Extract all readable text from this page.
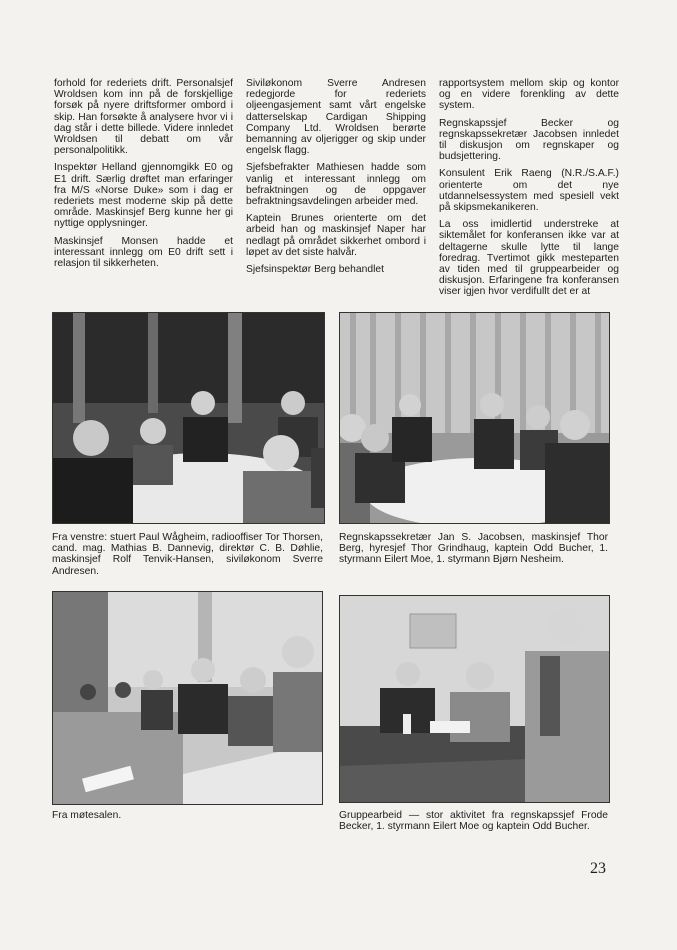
forhold for rederiets drift. Personalsjef Wroldsen kom inn på de forskjellige forsøk på nyere driftsformer ombord i skip. Han forsøkte å analysere hvor vi i dag står i dette billede. Videre innledet Wroldsen til debatt om vår personalpolitikk.

Inspektør Helland gjennomgikk E0 og E1 drift. Særlig drøftet man erfaringer fra M/S «Norse Duke» som i dag er rederiets mest moderne skip på dette område. Maskinsjef Berg kunne her gi nyttige opplysninger.

Maskinsjef Monsen hadde et interessant innlegg om E0 drift sett i relasjon til sikkerheten.

Siviløkonom Sverre Andresen redegjorde for rederiets oljeengasjement samt vårt engelske datterselskap Cardigan Shipping Company Ltd. Wroldsen berørte bemanning av oljerigger og skip under engelsk flagg.

Sjefsbefrakter Mathiesen hadde som vanlig et interessant innlegg om befraktningen og de oppgaver befraktningsavdelingen arbeider med.

Kaptein Brunes orienterte om det arbeid han og maskinsjef Naper har nedlagt på området sikkerhet ombord i løpet av det siste halvår.

Sjefsinspektør Berg behandlet

rapportsystem mellom skip og kontor og en videre forenkling av dette system.

Regnskapssjef Becker og regnskapssekretær Jacobsen innledet til diskusjon om regnskaper og budsjettering.

Konsulent Erik Raeng (N.R./S.A.F.) orienterte om det nye utdannelsessystem med spesiell vekt på skipsmekanikeren.

La oss imidlertid understreke at siktemålet for konferansen ikke var at deltagerne skulle lytte til lange foredrag. Tvertimot gikk mesteparten av tiden med til gruppearbeider og diskusjon. Erfaringene fra konferansen viser igjen hvor verdifullt det er at

Fra venstre: stuert Paul Wågheim, radiooffiser Tor Thorsen, cand. mag. Mathias B. Dannevig, direktør C. B. Døhlie, maskinsjef Rolf Tenvik-Hansen, siviløkonom Sverre Andresen.
Regnskapssekretær Jan S. Jacobsen, maskinsjef Thor Berg, hyresjef Thor Grindhaug, kaptein Odd Bucher, 1. styrmann Eilert Moe, 1. styrmann Bjørn Nesheim.
Fra møtesalen.	Gruppearbeid — stor aktivitet fra regnskapssjef Frode Becker, 1. styrmann Eilert Moe og kaptein Odd Bucher.
23
